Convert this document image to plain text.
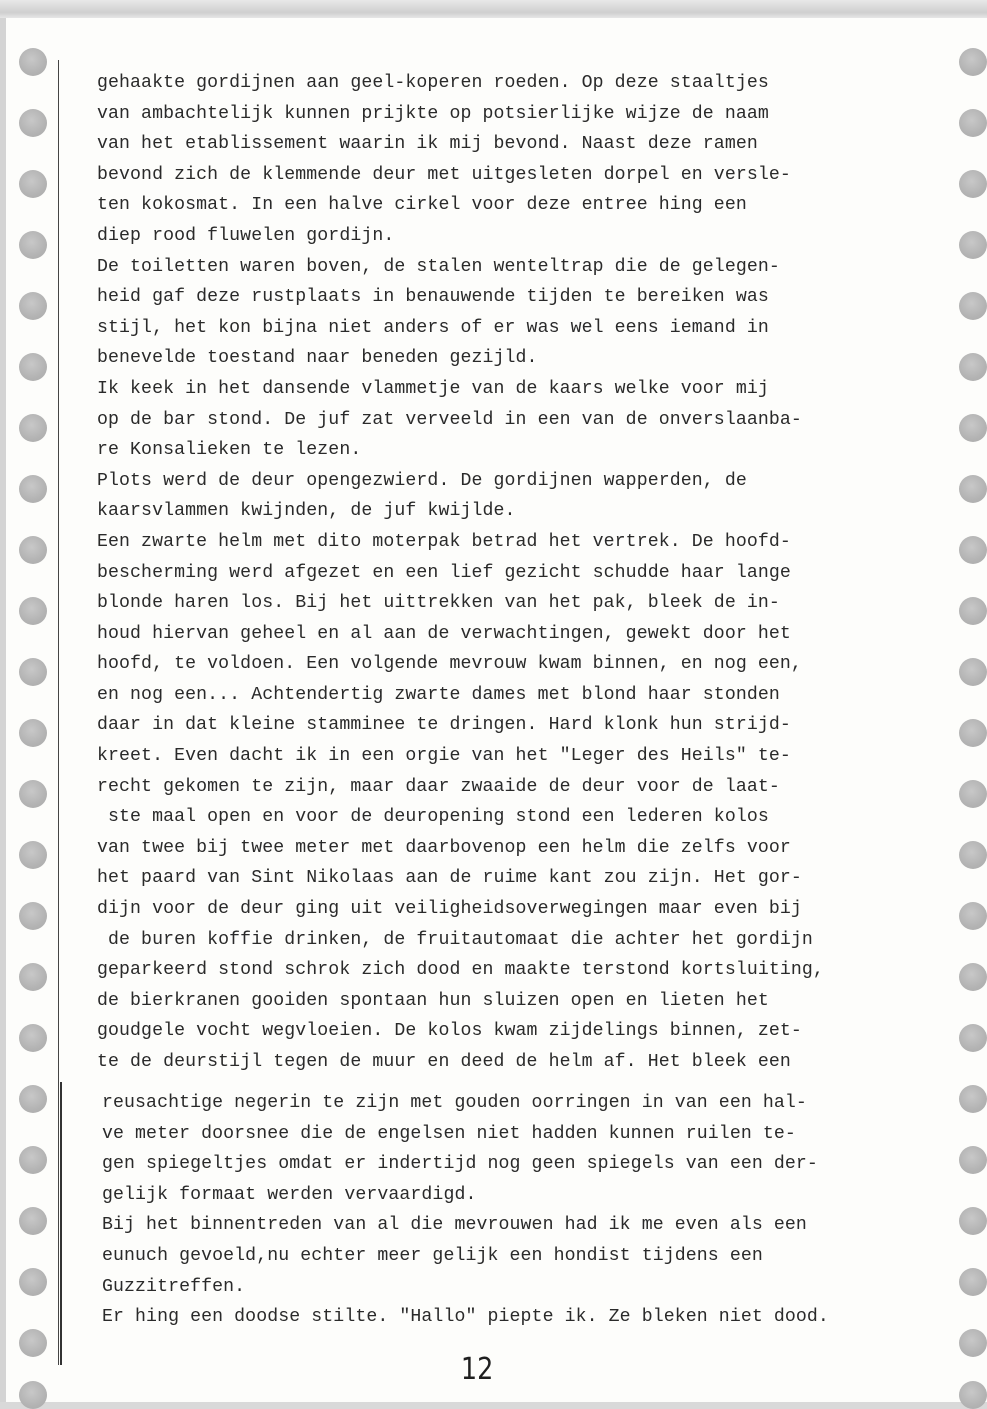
gehaakte gordijnen aan geel-koperen roeden. Op deze staaltjes
van ambachtelijk kunnen prijkte op potsierlijke wijze de naam
van het etablissement waarin ik mij bevond. Naast deze ramen
bevond zich de klemmende deur met uitgesleten dorpel en versle-
ten kokosmat. In een halve cirkel voor deze entree hing een
diep rood fluwelen gordijn.
De toiletten waren boven, de stalen wenteltrap die de gelegen-
heid gaf deze rustplaats in benauwende tijden te bereiken was
stijl, het kon bijna niet anders of er was wel eens iemand in
benevelde toestand naar beneden gezijld.
Ik keek in het dansende vlammetje van de kaars welke voor mij
op de bar stond. De juf zat verveeld in een van de onverslaanba-
re Konsalieken te lezen.
Plots werd de deur opengezwierd. De gordijnen wapperden, de
kaarsvlammen kwijnden, de juf kwijlde.
Een zwarte helm met dito moterpak betrad het vertrek. De hoofd-
bescherming werd afgezet en een lief gezicht schudde haar lange
blonde haren los. Bij het uittrekken van het pak, bleek de in-
houd hiervan geheel en al aan de verwachtingen, gewekt door het
hoofd, te voldoen. Een volgende mevrouw kwam binnen, en nog een,
en nog een... Achtendertig zwarte dames met blond haar stonden
daar in dat kleine stamminee te dringen. Hard klonk hun strijd-
kreet. Even dacht ik in een orgie van het "Leger des Heils" te-
recht gekomen te zijn, maar daar zwaaide de deur voor de laat-
ste maal open en voor de deuropening stond een lederen kolos
van twee bij twee meter met daarbovenop een helm die zelfs voor
het paard van Sint Nikolaas aan de ruime kant zou zijn. Het gor-
dijn voor de deur ging uit veiligheidsoverwegingen maar even bij
de buren koffie drinken, de fruitautomaat die achter het gordijn
geparkeerd stond schrok zich dood en maakte terstond kortsluiting,
de bierkranen gooiden spontaan hun sluizen open en lieten het
goudgele vocht wegvloeien. De kolos kwam zijdelings binnen, zet-
te de deurstijl tegen de muur en deed de helm af. Het bleek een
reusachtige negerin te zijn met gouden oorringen in van een hal-
ve meter doorsnee die de engelsen niet hadden kunnen ruilen te-
gen spiegeltjes omdat er indertijd nog geen spiegels van een der-
gelijk formaat werden vervaardigd.
Bij het binnentreden van al die mevrouwen had ik me even als een
eunuch gevoeld,nu echter meer gelijk een hondist tijdens een
Guzzitreffen.
Er hing een doodse stilte. "Hallo" piepte ik. Ze bleken niet dood.
12
